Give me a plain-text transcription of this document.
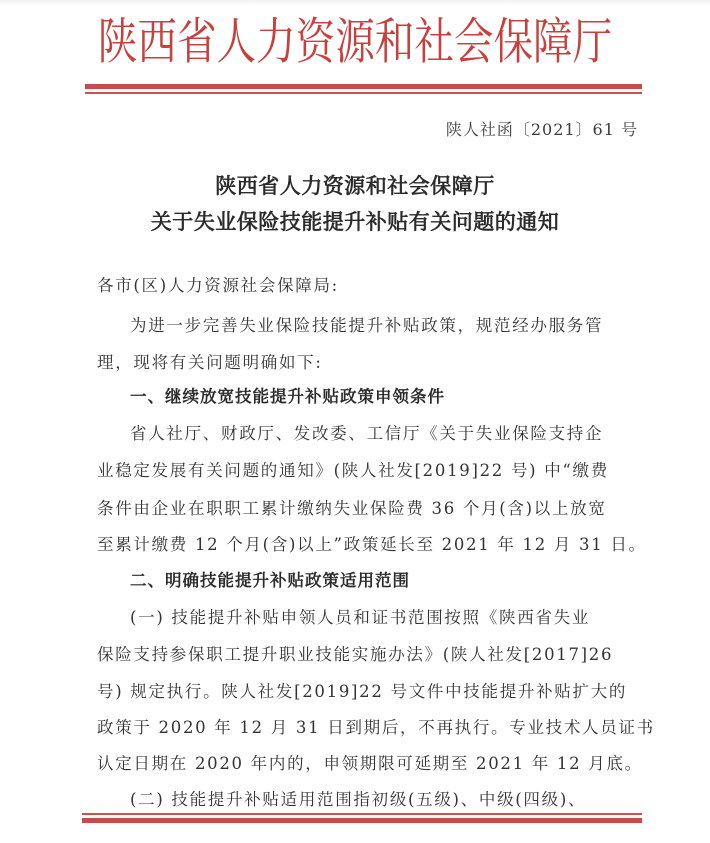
陕西省人力资源和社会保障厅
陕人社函〔2021〕61 号
陕西省人力资源和社会保障厅
关于失业保险技能提升补贴有关问题的通知
各市(区)人力资源社会保障局:
为进一步完善失业保险技能提升补贴政策，规范经办服务管
理，现将有关问题明确如下:
一、继续放宽技能提升补贴政策申领条件
省人社厅、财政厅、发改委、工信厅《关于失业保险支持企
业稳定发展有关问题的通知》(陕人社发[2019]22 号) 中“缴费
条件由企业在职职工累计缴纳失业保险费 36 个月(含)以上放宽
至累计缴费 12 个月(含)以上”政策延长至 2021 年 12 月 31 日。
二、明确技能提升补贴政策适用范围
(一) 技能提升补贴申领人员和证书范围按照《陕西省失业
保险支持参保职工提升职业技能实施办法》(陕人社发[2017]26
号) 规定执行。陕人社发[2019]22 号文件中技能提升补贴扩大的
政策于 2020 年 12 月 31 日到期后，不再执行。专业技术人员证书
认定日期在 2020 年内的，申领期限可延期至 2021 年 12 月底。
(二) 技能提升补贴适用范围指初级(五级)、中级(四级)、
